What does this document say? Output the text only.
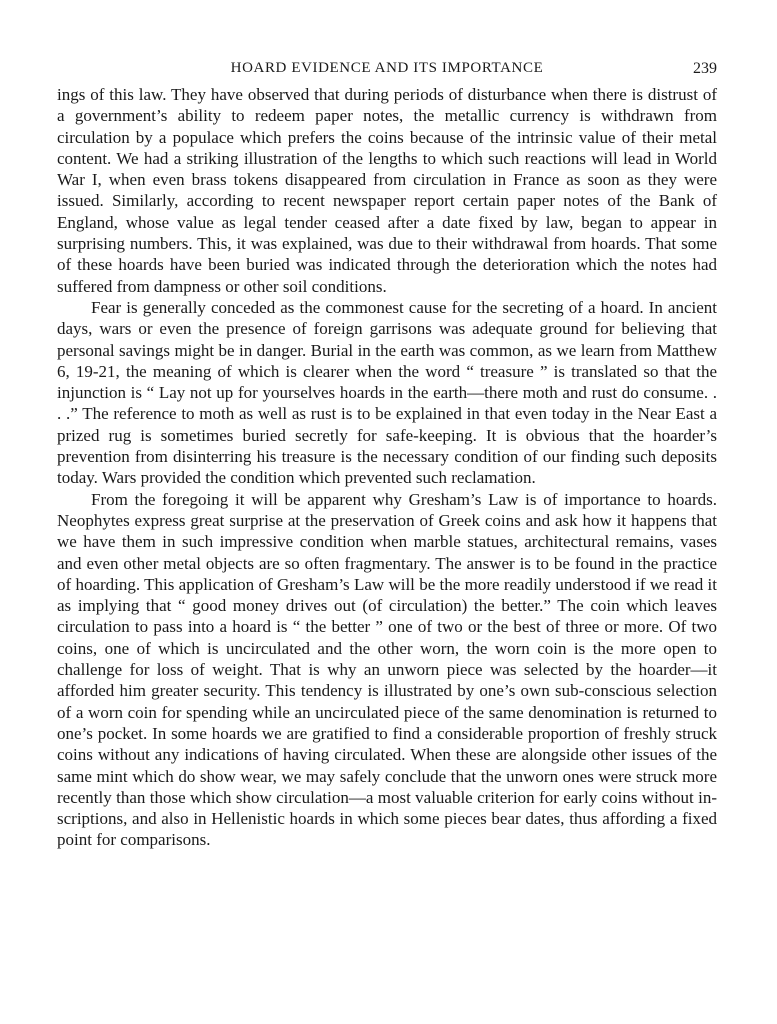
HOARD EVIDENCE AND ITS IMPORTANCE	239

ings of this law. They have observed that during periods of disturbance when there is distrust of a government’s ability to redeem paper notes, the metallic currency is withdrawn from circulation by a populace which prefers the coins because of the intrinsic value of their metal content. We had a striking illustration of the lengths to which such reactions will lead in World War I, when even brass tokens disappeared from circulation in France as soon as they were issued. Similarly, according to recent newspaper report certain paper notes of the Bank of England, whose value as legal tender ceased after a date fixed by law, began to appear in surprising numbers. This, it was explained, was due to their withdrawal from hoards. That some of these hoards have been buried was indicated through the deterioration which the notes had suffered from dampness or other soil conditions.

Fear is generally conceded as the commonest cause for the secreting of a hoard. In ancient days, wars or even the presence of foreign garrisons was adequate ground for believing that personal savings might be in danger. Burial in the earth was common, as we learn from Matthew 6, 19-21, the meaning of which is clearer when the word “ treasure ” is translated so that the injunction is “ Lay not up for yourselves hoards in the earth—there moth and rust do consume. . . .” The reference to moth as well as rust is to be explained in that even today in the Near East a prized rug is sometimes buried secretly for safe-keeping. It is obvious that the hoarder’s prevention from disinterring his treasure is the necessary condition of our finding such deposits today. Wars provided the condition which prevented such reclamation.

From the foregoing it will be apparent why Gresham’s Law is of importance to hoards. Neophytes express great surprise at the preservation of Greek coins and ask how it happens that we have them in such impressive condition when marble statues, architectural remains, vases and even other metal objects are so often fragmentary. The answer is to be found in the practice of hoarding. This application of Gresham’s Law will be the more readily understood if we read it as implying that “ good money drives out (of circulation) the better.” The coin which leaves circulation to pass into a hoard is “ the better ” one of two or the best of three or more. Of two coins, one of which is uncirculated and the other worn, the worn coin is the more open to challenge for loss of weight. That is why an unworn piece was selected by the hoarder—it afforded him greater security. This tendency is illustrated by one’s own sub-conscious selection of a worn coin for spending while an uncirculated piece of the same denomination is returned to one’s pocket. In some hoards we are gratified to find a considerable proportion of freshly struck coins without any indications of having circulated. When these are alongside other issues of the same mint which do show wear, we may safely conclude that the unworn ones were struck more recently than those which show circulation—a most valuable criterion for early coins without inscriptions, and also in Hellenistic hoards in which some pieces bear dates, thus affording a fixed point for comparisons.
